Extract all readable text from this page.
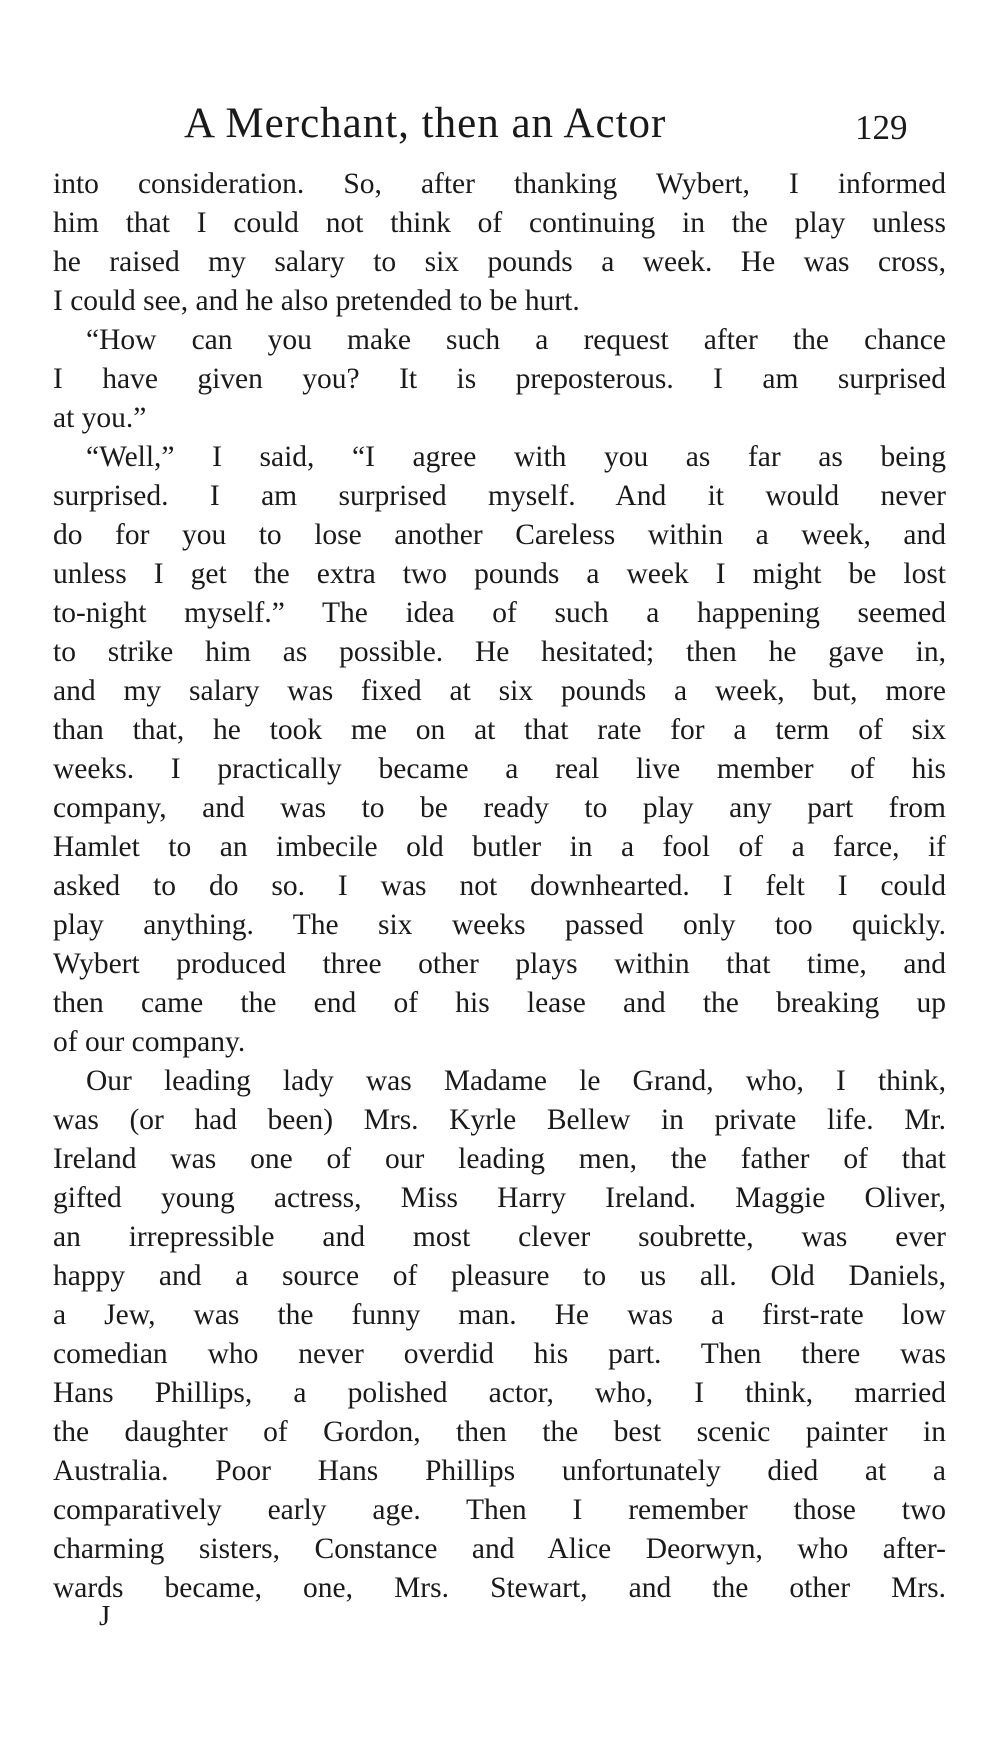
A Merchant, then an Actor	129
into consideration. So, after thanking Wybert, I informed
him that I could not think of continuing in the play unless
he raised my salary to six pounds a week. He was cross,
I could see, and he also pretended to be hurt.
“How can you make such a request after the chance
I have given you? It is preposterous. I am surprised
at you.”
“Well,” I said, “I agree with you as far as being
surprised. I am surprised myself. And it would never
do for you to lose another Careless within a week, and
unless I get the extra two pounds a week I might be lost
to-night myself.” The idea of such a happening seemed
to strike him as possible. He hesitated; then he gave in,
and my salary was fixed at six pounds a week, but, more
than that, he took me on at that rate for a term of six
weeks. I practically became a real live member of his
company, and was to be ready to play any part from
Hamlet to an imbecile old butler in a fool of a farce, if
asked to do so. I was not downhearted. I felt I could
play anything. The six weeks passed only too quickly.
Wybert produced three other plays within that time, and
then came the end of his lease and the breaking up
of our company.
Our leading lady was Madame le Grand, who, I think,
was (or had been) Mrs. Kyrle Bellew in private life. Mr.
Ireland was one of our leading men, the father of that
gifted young actress, Miss Harry Ireland. Maggie Oliver,
an irrepressible and most clever soubrette, was ever
happy and a source of pleasure to us all. Old Daniels,
a Jew, was the funny man. He was a first-rate low
comedian who never overdid his part. Then there was
Hans Phillips, a polished actor, who, I think, married
the daughter of Gordon, then the best scenic painter in
Australia. Poor Hans Phillips unfortunately died at a
comparatively early age. Then I remember those two
charming sisters, Constance and Alice Deorwyn, who after-
wards became, one, Mrs. Stewart, and the other Mrs.
J
